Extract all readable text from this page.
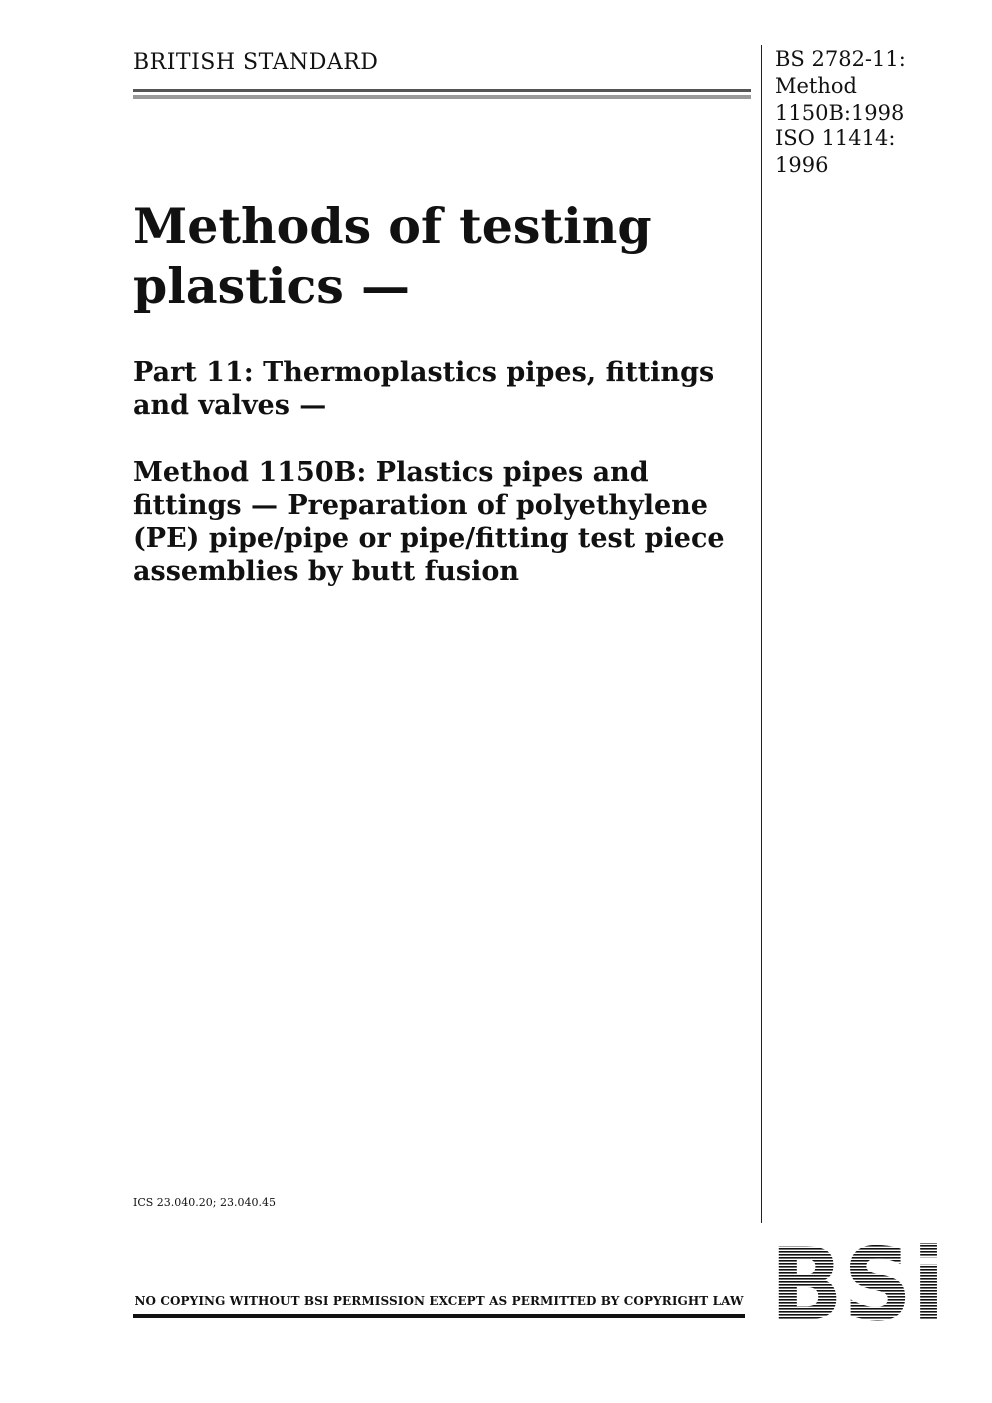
BRITISH STANDARD	BS 2782-11:
Method
1150B:1998
ISO 11414:
1996
Methods of testing
plastics —
Part 11: Thermoplastics pipes, fittings
and valves —
Method 1150B: Plastics pipes and
fittings — Preparation of polyethylene
(PE) pipe/pipe or pipe/fitting test piece
assemblies by butt fusion
ICS 23.040.20; 23.040.45
NO COPYING WITHOUT BSI PERMISSION EXCEPT AS PERMITTED BY COPYRIGHT LAW
